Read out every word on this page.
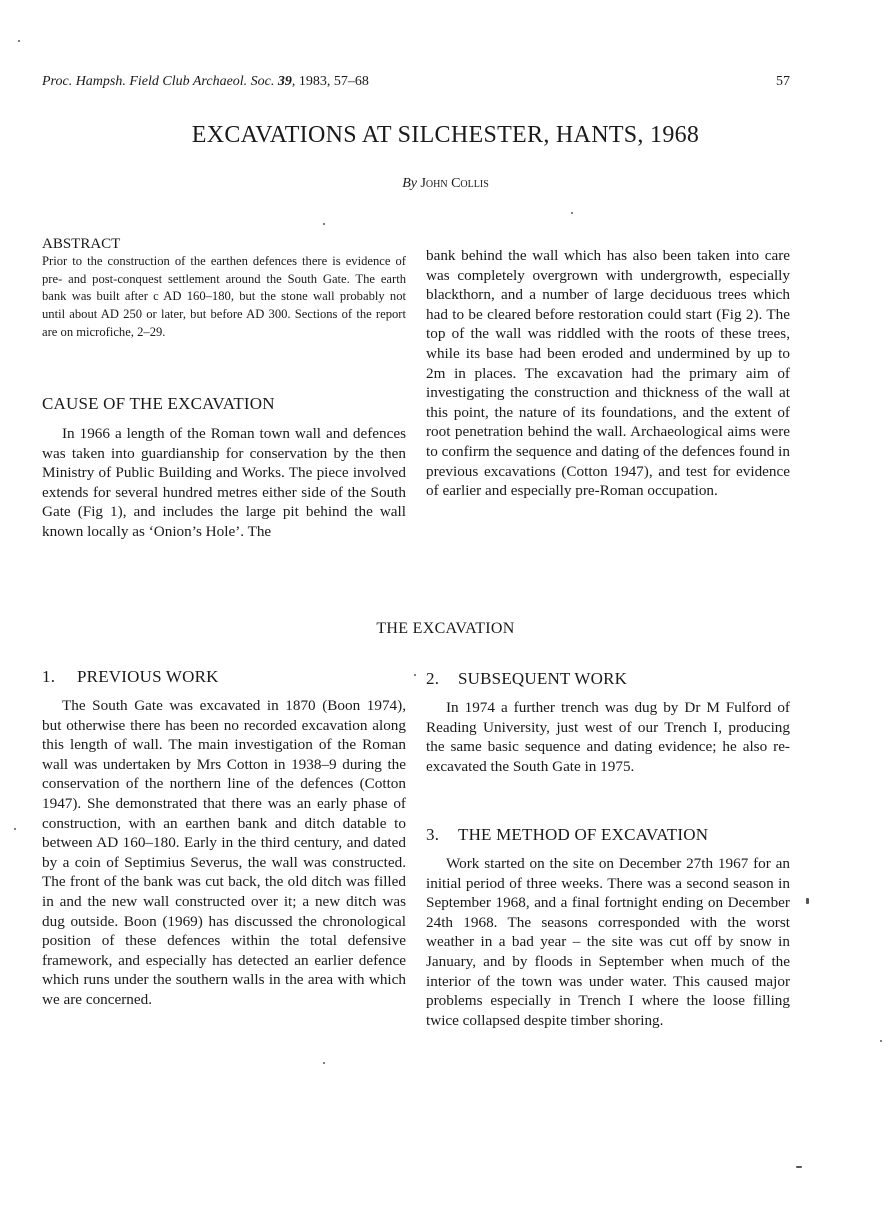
Proc. Hampsh. Field Club Archaeol. Soc. 39, 1983, 57–68	57
EXCAVATIONS AT SILCHESTER, HANTS, 1968
By John Collis
ABSTRACT
Prior to the construction of the earthen defences there is evidence of pre- and post-conquest settlement around the South Gate. The earth bank was built after c AD 160–180, but the stone wall probably not until about AD 250 or later, but before AD 300. Sections of the report are on microfiche, 2–29.
CAUSE OF THE EXCAVATION
In 1966 a length of the Roman town wall and defences was taken into guardianship for conservation by the then Ministry of Public Building and Works. The piece involved extends for several hundred metres either side of the South Gate (Fig 1), and includes the large pit behind the wall known locally as ‘Onion’s Hole’. The
bank behind the wall which has also been taken into care was completely overgrown with undergrowth, especially blackthorn, and a number of large deciduous trees which had to be cleared before restoration could start (Fig 2). The top of the wall was riddled with the roots of these trees, while its base had been eroded and undermined by up to 2m in places. The excavation had the primary aim of investigating the construction and thickness of the wall at this point, the nature of its foundations, and the extent of root penetration behind the wall. Archaeological aims were to confirm the sequence and dating of the defences found in previous excavations (Cotton 1947), and test for evidence of earlier and especially pre-Roman occupation.
THE EXCAVATION
1. PREVIOUS WORK
The South Gate was excavated in 1870 (Boon 1974), but otherwise there has been no recorded excavation along this length of wall. The main investigation of the Roman wall was undertaken by Mrs Cotton in 1938–9 during the conservation of the northern line of the defences (Cotton 1947). She demonstrated that there was an early phase of construction, with an earthen bank and ditch datable to between AD 160–180. Early in the third century, and dated by a coin of Septimius Severus, the wall was constructed. The front of the bank was cut back, the old ditch was filled in and the new wall constructed over it; a new ditch was dug outside. Boon (1969) has discussed the chronological position of these defences within the total defensive framework, and especially has detected an earlier defence which runs under the southern walls in the area with which we are concerned.
2. SUBSEQUENT WORK
In 1974 a further trench was dug by Dr M Fulford of Reading University, just west of our Trench I, producing the same basic sequence and dating evidence; he also re-excavated the South Gate in 1975.
3. THE METHOD OF EXCAVATION
Work started on the site on December 27th 1967 for an initial period of three weeks. There was a second season in September 1968, and a final fortnight ending on December 24th 1968. The seasons corresponded with the worst weather in a bad year – the site was cut off by snow in January, and by floods in September when much of the interior of the town was under water. This caused major problems especially in Trench I where the loose filling twice collapsed despite timber shoring.
